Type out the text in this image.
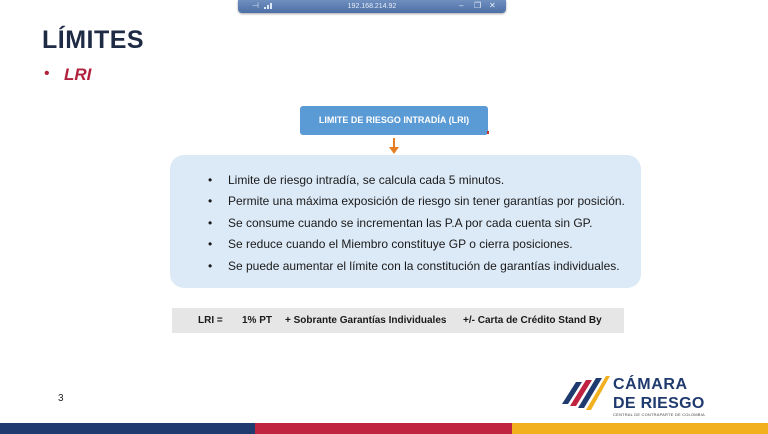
⊣	192.168.214.92	‒ ❐ ✕
LÍMITES
• LRI
LIMITE DE RIESGO INTRADÍA (LRI)
• Limite de riesgo intradía, se calcula cada 5 minutos.
• Permite una máxima exposición de riesgo sin tener garantías por posición.
• Se consume cuando se incrementan las P.A por cada cuenta sin GP.
• Se reduce cuando el Miembro constituye GP o cierra posiciones.
• Se puede aumentar el límite con la constitución de garantías individuales.
LRI = 1% PT + Sobrante Garantías Individuales +/- Carta de Crédito Stand By
3
CÁMARA
DE RIESGO
CENTRAL DE CONTRAPARTE DE COLOMBIA
